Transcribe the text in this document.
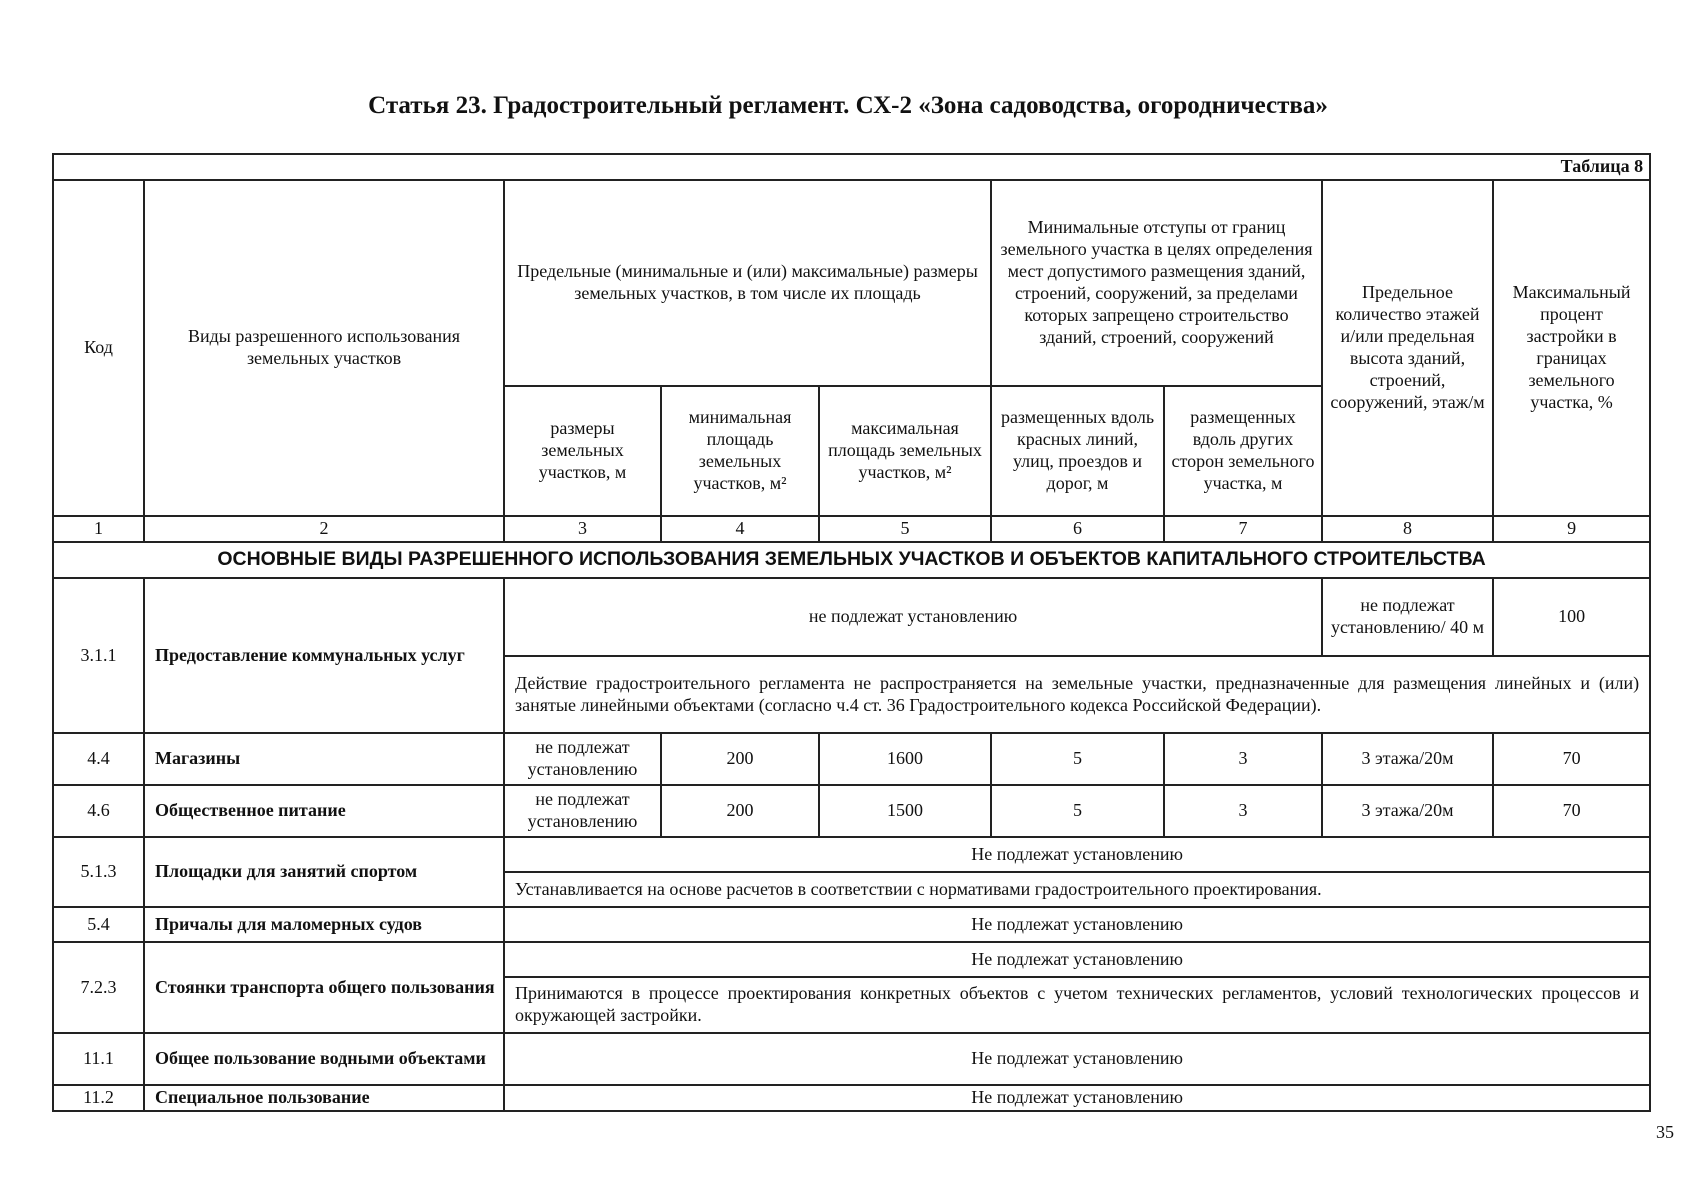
Статья 23. Градостроительный регламент. СХ-2 «Зона садоводства, огородничества»
Таблица 8								
Код	Виды разрешенного использования земельных участков	Предельные (минимальные и (или) максимальные) размеры земельных участков, в том числе их площадь			Минимальные отступы от границ земельного участка в целях определения мест допустимого размещения зданий, строений, сооружений, за пределами которых запрещено строительство зданий, строений, сооружений		Предельное количество этажей и/или предельная высота зданий, строений, сооружений, этаж/м	Максимальный процент застройки в границах земельного участка, %
		размеры земельных участков, м	минимальная площадь земельных участков, м²	максимальная площадь земельных участков, м²	размещенных вдоль красных линий, улиц, проездов и дорог, м	размещенных вдоль других сторон земельного участка, м		
1	2	3	4	5	6	7	8	9
ОСНОВНЫЕ ВИДЫ РАЗРЕШЕННОГО ИСПОЛЬЗОВАНИЯ ЗЕМЕЛЬНЫХ УЧАСТКОВ И ОБЪЕКТОВ КАПИТАЛЬНОГО СТРОИТЕЛЬСТВА								
3.1.1	Предоставление коммунальных услуг	не подлежат установлению					не подлежат установлению/ 40 м	100
		Действие градостроительного регламента не распространяется на земельные участки, предназначенные для размещения линейных и (или) занятые линейными объектами (согласно ч.4 ст. 36 Градостроительного кодекса Российской Федерации).						
4.4	Магазины	не подлежат установлению	200	1600	5	3	3 этажа/20м	70
4.6	Общественное питание	не подлежат установлению	200	1500	5	3	3 этажа/20м	70
5.1.3	Площадки для занятий спортом	Не подлежат установлению						
		Устанавливается на основе расчетов в соответствии с нормативами градостроительного проектирования.						
5.4	Причалы для маломерных судов	Не подлежат установлению						
7.2.3	Стоянки транспорта общего пользования	Не подлежат установлению						
		Принимаются в процессе проектирования конкретных объектов с учетом технических регламентов, условий технологических процессов и окружающей застройки.						
11.1	Общее пользование водными объектами	Не подлежат установлению						
11.2	Специальное пользование	Не подлежат установлению						
35
